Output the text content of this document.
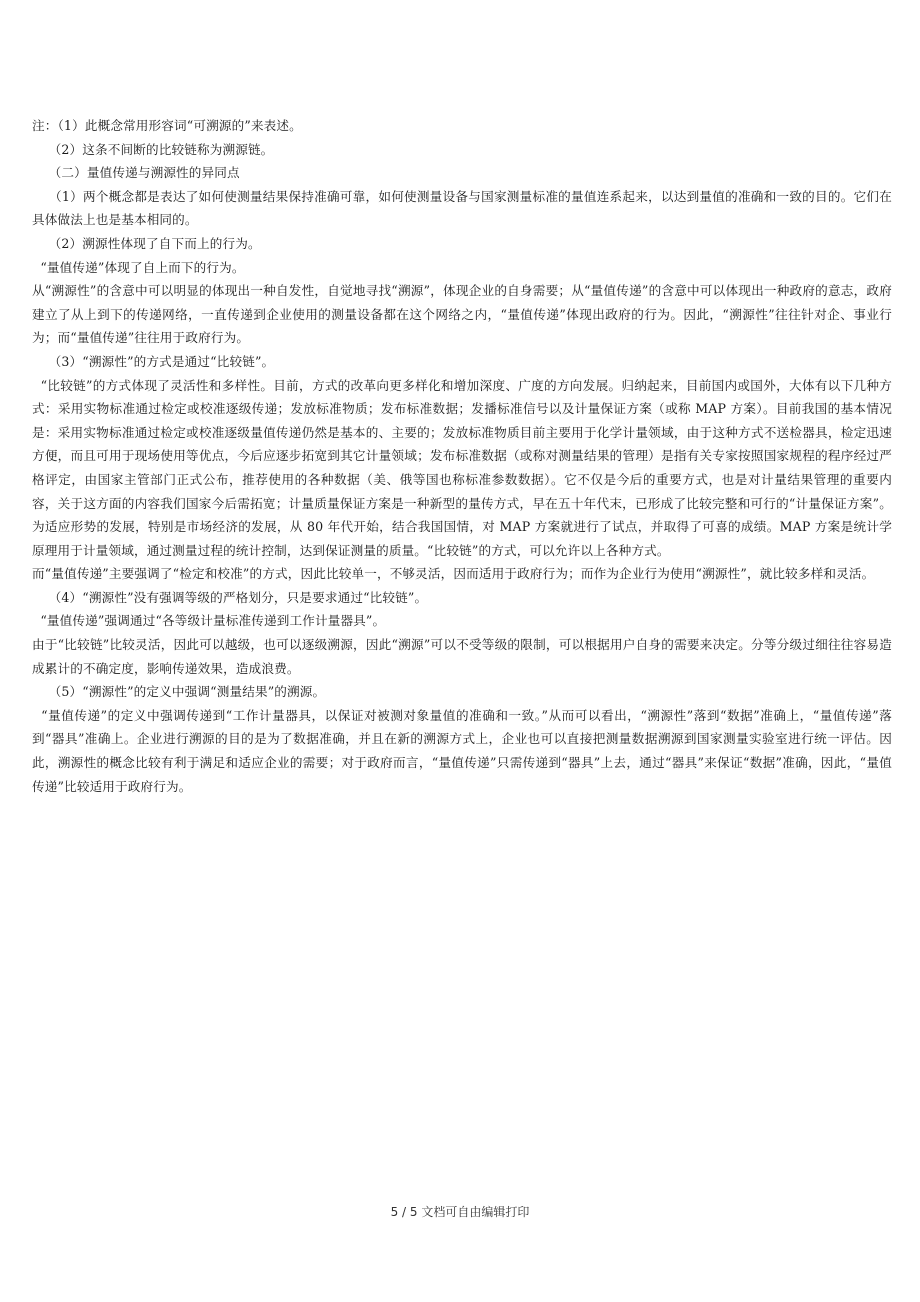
注：（1）此概念常用形容词“可溯源的”来表述。

（2）这条不间断的比较链称为溯源链。

（二）量值传递与溯源性的异同点

（1）两个概念都是表达了如何使测量结果保持准确可靠，如何使测量设备与国家测量标准的量值连系起来，以达到量值的准确和一致的目的。它们在具体做法上也是基本相同的。

（2）溯源性体现了自下而上的行为。

“量值传递”体现了自上而下的行为。

从“溯源性”的含意中可以明显的体现出一种自发性，自觉地寻找“溯源”，体现企业的自身需要；从“量值传递”的含意中可以体现出一种政府的意志，政府建立了从上到下的传递网络，一直传递到企业使用的测量设备都在这个网络之内，“量值传递”体现出政府的行为。因此，“溯源性”往往针对企、事业行为；而“量值传递”往往用于政府行为。

（3）“溯源性”的方式是通过“比较链”。

“比较链”的方式体现了灵活性和多样性。目前，方式的改革向更多样化和增加深度、广度的方向发展。归纳起来，目前国内或国外，大体有以下几种方式：采用实物标准通过检定或校准逐级传递；发放标准物质；发布标准数据；发播标准信号以及计量保证方案（或称 MAP 方案）。目前我国的基本情况是：采用实物标准通过检定或校准逐级量值传递仍然是基本的、主要的；发放标准物质目前主要用于化学计量领域，由于这种方式不送检器具，检定迅速方便，而且可用于现场使用等优点，今后应逐步拓宽到其它计量领域；发布标准数据（或称对测量结果的管理）是指有关专家按照国家规程的程序经过严格评定，由国家主管部门正式公布，推荐使用的各种数据（美、俄等国也称标准参数数据）。它不仅是今后的重要方式，也是对计量结果管理的重要内容，关于这方面的内容我们国家今后需拓宽；计量质量保证方案是一种新型的量传方式，早在五十年代末，已形成了比较完整和可行的“计量保证方案”。为适应形势的发展，特别是市场经济的发展，从 80 年代开始，结合我国国情，对 MAP 方案就进行了试点，并取得了可喜的成绩。MAP 方案是统计学原理用于计量领域，通过测量过程的统计控制，达到保证测量的质量。“比较链”的方式，可以允许以上各种方式。

而“量值传递”主要强调了“检定和校准”的方式，因此比较单一，不够灵活，因而适用于政府行为；而作为企业行为使用“溯源性”，就比较多样和灵活。

（4）“溯源性”没有强调等级的严格划分，只是要求通过“比较链”。

“量值传递”强调通过“各等级计量标准传递到工作计量器具”。

由于“比较链”比较灵活，因此可以越级，也可以逐级溯源，因此“溯源”可以不受等级的限制，可以根据用户自身的需要来决定。分等分级过细往往容易造成累计的不确定度，影响传递效果，造成浪费。

（5）“溯源性”的定义中强调“测量结果”的溯源。

“量值传递”的定义中强调传递到“工作计量器具，以保证对被测对象量值的准确和一致。”从而可以看出，“溯源性”落到“数据”准确上，“量值传递”落到“器具”准确上。企业进行溯源的目的是为了数据准确，并且在新的溯源方式上，企业也可以直接把测量数据溯源到国家测量实验室进行统一评估。因此，溯源性的概念比较有利于满足和适应企业的需要；对于政府而言，“量值传递”只需传递到“器具”上去，通过“器具”来保证“数据”准确，因此，“量值传递”比较适用于政府行为。

5 / 5 文档可自由编辑打印
